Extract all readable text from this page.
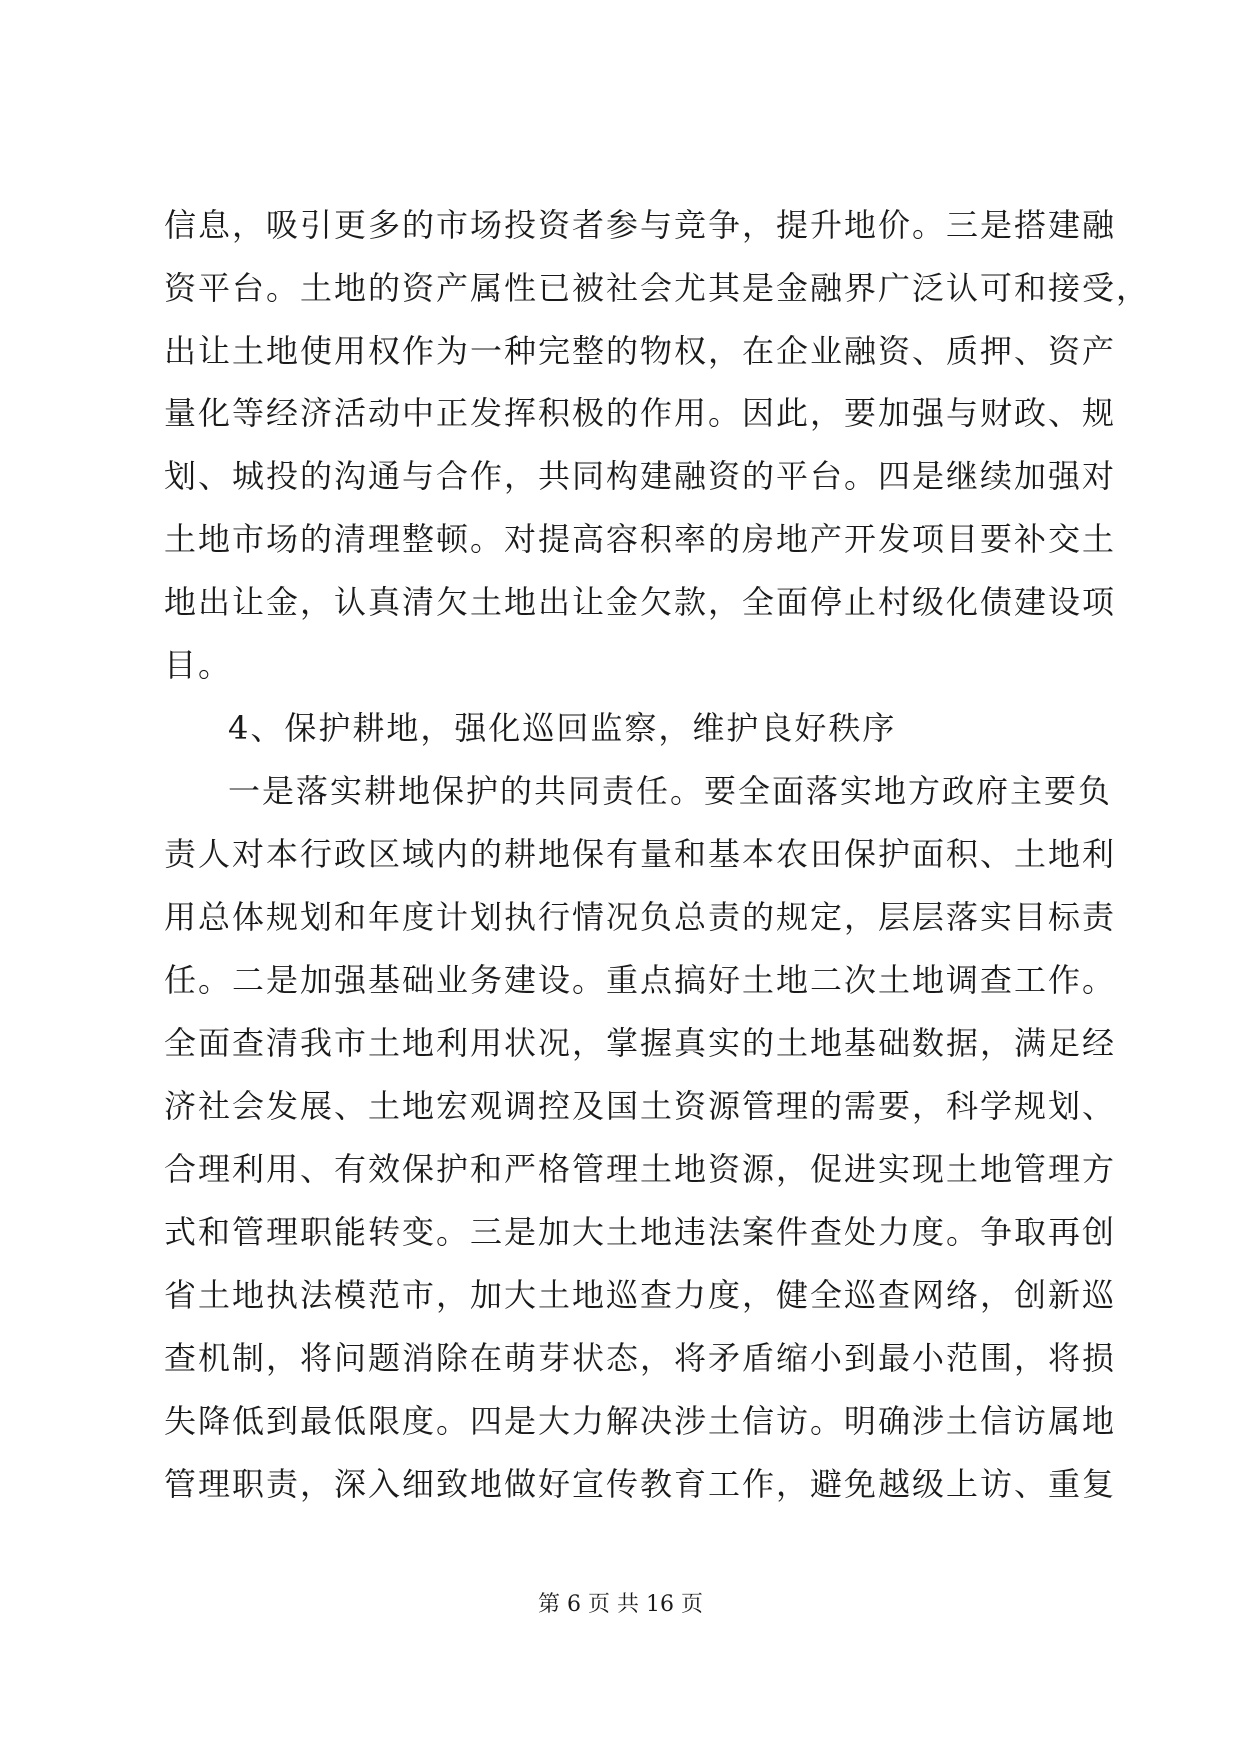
信息，吸引更多的市场投资者参与竞争，提升地价。三是搭建融
资平台。土地的资产属性已被社会尤其是金融界广泛认可和接受，
出让土地使用权作为一种完整的物权，在企业融资、质押、资产
量化等经济活动中正发挥积极的作用。因此，要加强与财政、规
划、城投的沟通与合作，共同构建融资的平台。四是继续加强对
土地市场的清理整顿。对提高容积率的房地产开发项目要补交土
地出让金，认真清欠土地出让金欠款，全面停止村级化债建设项
目。
4、保护耕地，强化巡回监察，维护良好秩序
一是落实耕地保护的共同责任。要全面落实地方政府主要负
责人对本行政区域内的耕地保有量和基本农田保护面积、土地利
用总体规划和年度计划执行情况负总责的规定，层层落实目标责
任。二是加强基础业务建设。重点搞好土地二次土地调查工作。
全面查清我市土地利用状况，掌握真实的土地基础数据，满足经
济社会发展、土地宏观调控及国土资源管理的需要，科学规划、
合理利用、有效保护和严格管理土地资源，促进实现土地管理方
式和管理职能转变。三是加大土地违法案件查处力度。争取再创
省土地执法模范市，加大土地巡查力度，健全巡查网络，创新巡
查机制，将问题消除在萌芽状态，将矛盾缩小到最小范围，将损
失降低到最低限度。四是大力解决涉土信访。明确涉土信访属地
管理职责，深入细致地做好宣传教育工作，避免越级上访、重复
第 6 页 共 16 页
